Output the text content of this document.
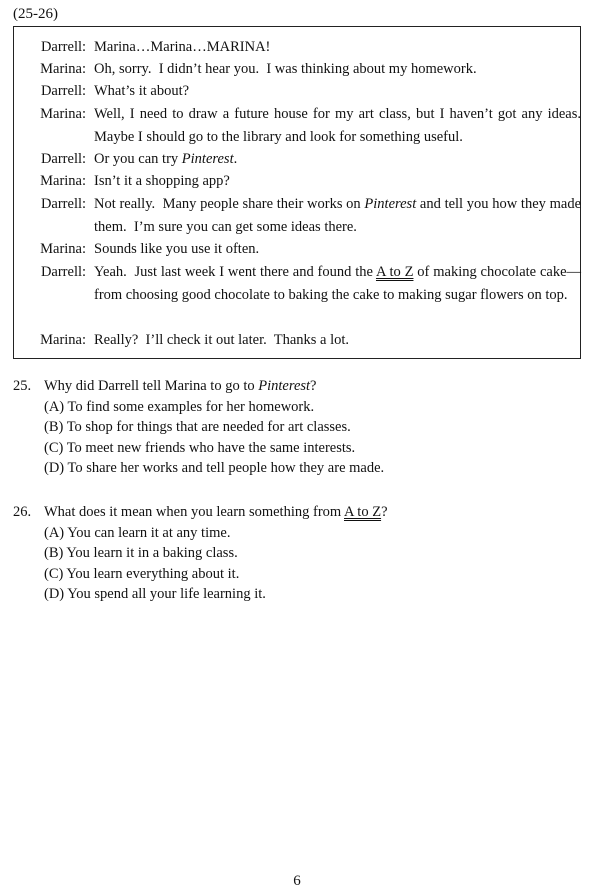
(25-26)
Darrell : Marina…Marina…MARINA!
Marina : Oh, sorry.  I didn’t hear you.  I was thinking about my homework.
Darrell : What’s it about?
Marina : Well, I need to draw a future house for my art class, but I haven’t got any ideas. Maybe I should go to the library and look for something useful.
Darrell : Or you can try Pinterest.
Marina : Isn’t it a shopping app?
Darrell : Not really.  Many people share their works on Pinterest and tell you how they made them.  I’m sure you can get some ideas there.
Marina : Sounds like you use it often.
Darrell : Yeah.  Just last week I went there and found the A to Z of making chocolate cake—from choosing good chocolate to baking the cake to making sugar flowers on top.
Marina : Really?  I’ll check it out later.  Thanks a lot.
25. Why did Darrell tell Marina to go to Pinterest?
(A) To find some examples for her homework.
(B) To shop for things that are needed for art classes.
(C) To meet new friends who have the same interests.
(D) To share her works and tell people how they are made.
26. What does it mean when you learn something from A to Z?
(A) You can learn it at any time.
(B) You learn it in a baking class.
(C) You learn everything about it.
(D) You spend all your life learning it.
6
